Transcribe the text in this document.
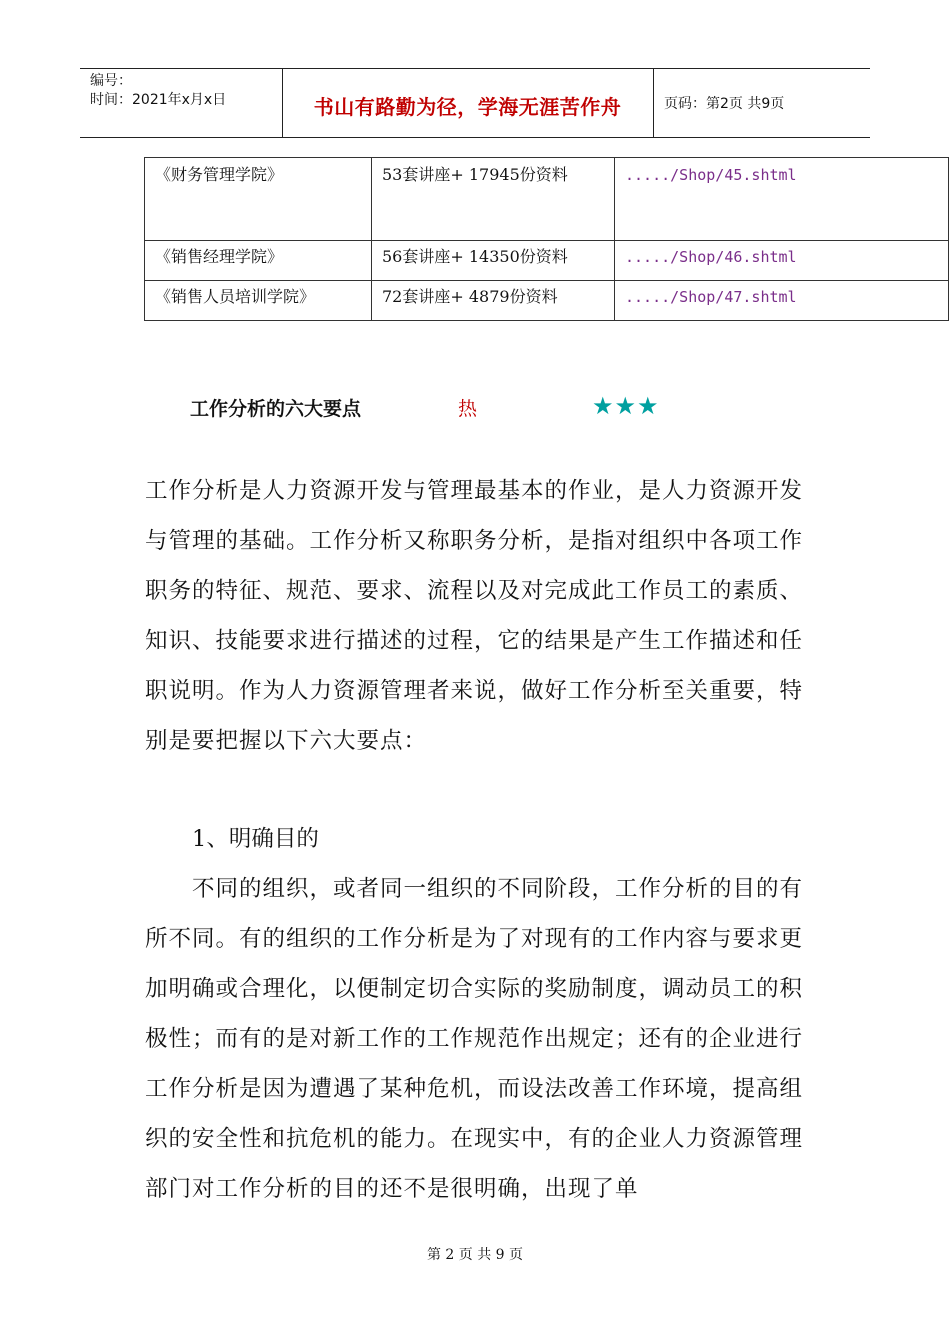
编号：
时间：2021年x月x日	书山有路勤为径，学海无涯苦作舟	页码：第2页 共9页
《财务管理学院》	53套讲座+ 17945份资料	...../Shop/45.shtml
《销售经理学院》	56套讲座+ 14350份资料	...../Shop/46.shtml
《销售人员培训学院》	72套讲座+ 4879份资料	...../Shop/47.shtml
工作分析的六大要点	热	★★★
工作分析是人力资源开发与管理最基本的作业，是人力资源开发与管理的基础。工作分析又称职务分析，是指对组织中各项工作职务的特征、规范、要求、流程以及对完成此工作员工的素质、知识、技能要求进行描述的过程，它的结果是产生工作描述和任职说明。作为人力资源管理者来说，做好工作分析至关重要，特别是要把握以下六大要点：
1、明确目的
不同的组织，或者同一组织的不同阶段，工作分析的目的有所不同。有的组织的工作分析是为了对现有的工作内容与要求更加明确或合理化，以便制定切合实际的奖励制度，调动员工的积极性；而有的是对新工作的工作规范作出规定；还有的企业进行工作分析是因为遭遇了某种危机，而设法改善工作环境，提高组织的安全性和抗危机的能力。在现实中，有的企业人力资源管理部门对工作分析的目的还不是很明确，出现了单
第 2 页 共 9 页
